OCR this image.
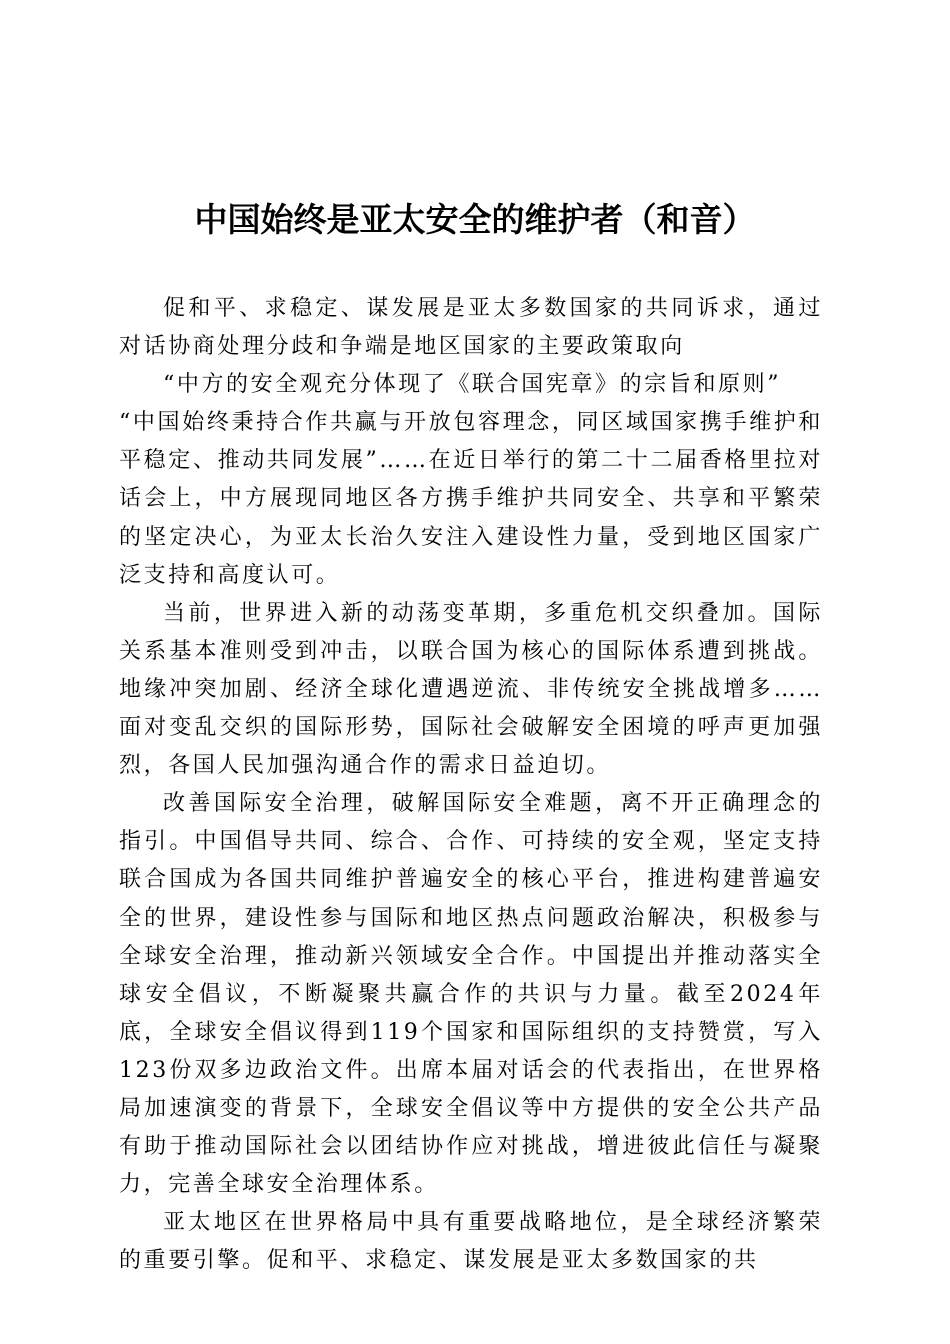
中国始终是亚太安全的维护者（和音）

促和平、求稳定、谋发展是亚太多数国家的共同诉求，通过对话协商处理分歧和争端是地区国家的主要政策取向

“中方的安全观充分体现了《联合国宪章》的宗旨和原则”

“中国始终秉持合作共赢与开放包容理念，同区域国家携手维护和平稳定、推动共同发展”……在近日举行的第二十二届香格里拉对话会上，中方展现同地区各方携手维护共同安全、共享和平繁荣的坚定决心，为亚太长治久安注入建设性力量，受到地区国家广泛支持和高度认可。

当前，世界进入新的动荡变革期，多重危机交织叠加。国际关系基本准则受到冲击，以联合国为核心的国际体系遭到挑战。地缘冲突加剧、经济全球化遭遇逆流、非传统安全挑战增多……面对变乱交织的国际形势，国际社会破解安全困境的呼声更加强烈，各国人民加强沟通合作的需求日益迫切。

改善国际安全治理，破解国际安全难题，离不开正确理念的指引。中国倡导共同、综合、合作、可持续的安全观，坚定支持联合国成为各国共同维护普遍安全的核心平台，推进构建普遍安全的世界，建设性参与国际和地区热点问题政治解决，积极参与全球安全治理，推动新兴领域安全合作。中国提出并推动落实全球安全倡议，不断凝聚共赢合作的共识与力量。截至2024年底，全球安全倡议得到119个国家和国际组织的支持赞赏，写入123份双多边政治文件。出席本届对话会的代表指出，在世界格局加速演变的背景下，全球安全倡议等中方提供的安全公共产品有助于推动国际社会以团结协作应对挑战，增进彼此信任与凝聚力，完善全球安全治理体系。

亚太地区在世界格局中具有重要战略地位，是全球经济繁荣的重要引擎。促和平、求稳定、谋发展是亚太多数国家的共
